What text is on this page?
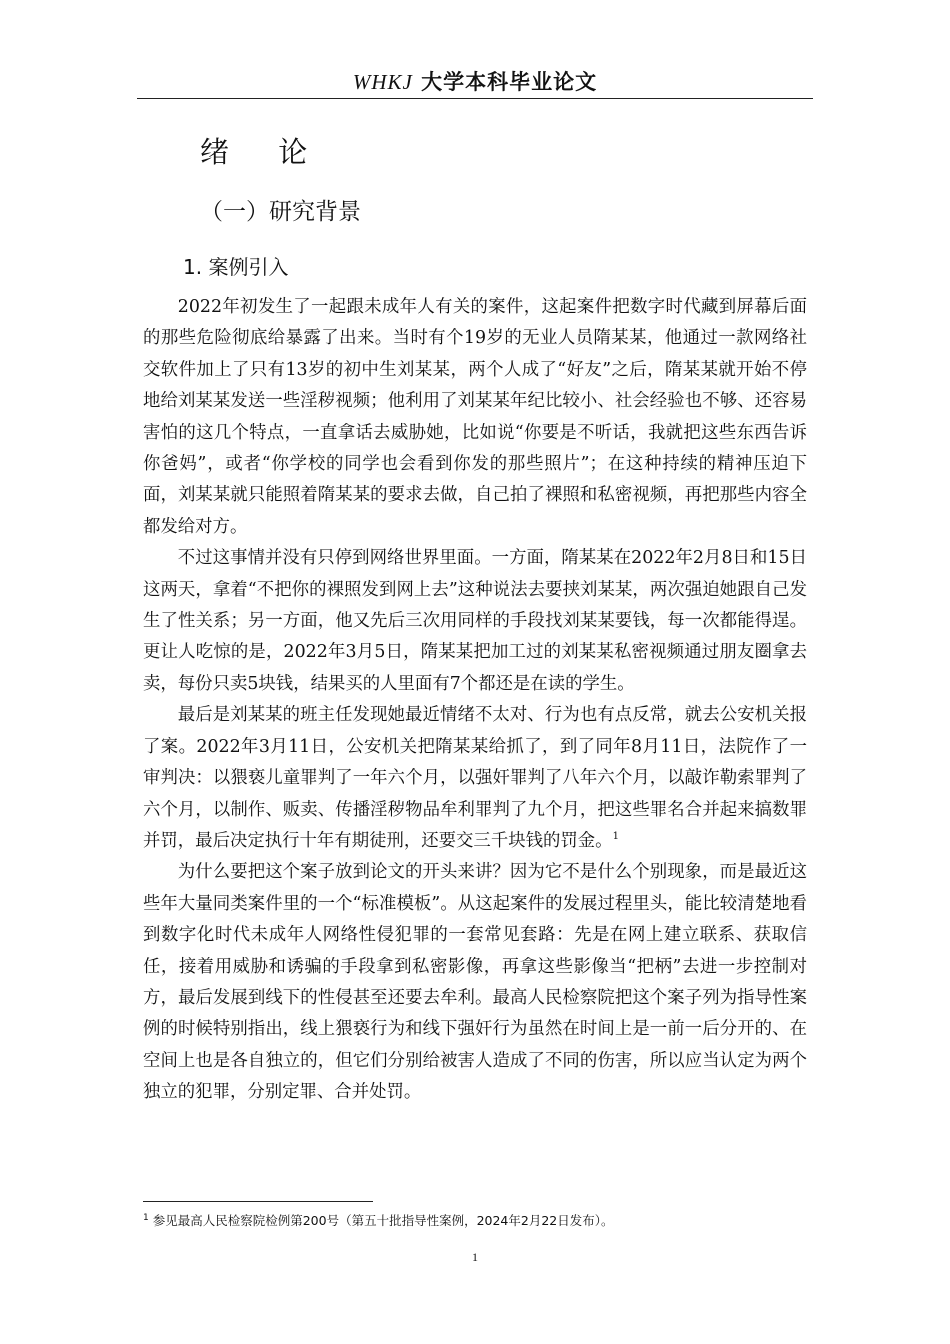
WHKJ 大学本科毕业论文
绪 论
（一）研究背景
1. 案例引入

2022年初发生了一起跟未成年人有关的案件，这起案件把数字时代藏到屏幕后面的那些危险彻底给暴露了出来。当时有个19岁的无业人员隋某某，他通过一款网络社交软件加上了只有13岁的初中生刘某某，两个人成了“好友”之后，隋某某就开始不停地给刘某某发送一些淫秽视频；他利用了刘某某年纪比较小、社会经验也不够、还容易害怕的这几个特点，一直拿话去威胁她，比如说“你要是不听话，我就把这些东西告诉你爸妈”，或者“你学校的同学也会看到你发的那些照片”；在这种持续的精神压迫下面，刘某某就只能照着隋某某的要求去做，自己拍了裸照和私密视频，再把那些内容全都发给对方。

不过这事情并没有只停到网络世界里面。一方面，隋某某在2022年2月8日和15日这两天，拿着“不把你的裸照发到网上去”这种说法去要挟刘某某，两次强迫她跟自己发生了性关系；另一方面，他又先后三次用同样的手段找刘某某要钱，每一次都能得逞。更让人吃惊的是，2022年3月5日，隋某某把加工过的刘某某私密视频通过朋友圈拿去卖，每份只卖5块钱，结果买的人里面有7个都还是在读的学生。

最后是刘某某的班主任发现她最近情绪不太对、行为也有点反常，就去公安机关报了案。2022年3月11日，公安机关把隋某某给抓了，到了同年8月11日，法院作了一审判决：以猥亵儿童罪判了一年六个月，以强奸罪判了八年六个月，以敲诈勒索罪判了六个月，以制作、贩卖、传播淫秽物品牟利罪判了九个月，把这些罪名合并起来搞数罪并罚，最后决定执行十年有期徒刑，还要交三千块钱的罚金。$^1$

为什么要把这个案子放到论文的开头来讲？因为它不是什么个别现象，而是最近这些年大量同类案件里的一个“标准模板”。从这起案件的发展过程里头，能比较清楚地看到数字化时代未成年人网络性侵犯罪的一套常见套路：先是在网上建立联系、获取信任，接着用威胁和诱骗的手段拿到私密影像，再拿这些影像当“把柄”去进一步控制对方，最后发展到线下的性侵甚至还要去牟利。最高人民检察院把这个案子列为指导性案例的时候特别指出，线上猥亵行为和线下强奸行为虽然在时间上是一前一后分开的、在空间上也是各自独立的，但它们分别给被害人造成了不同的伤害，所以应当认定为两个独立的犯罪，分别定罪、合并处罚。

$^1$ 参见最高人民检察院检例第200号（第五十批指导性案例，2024年2月22日发布）。
1
